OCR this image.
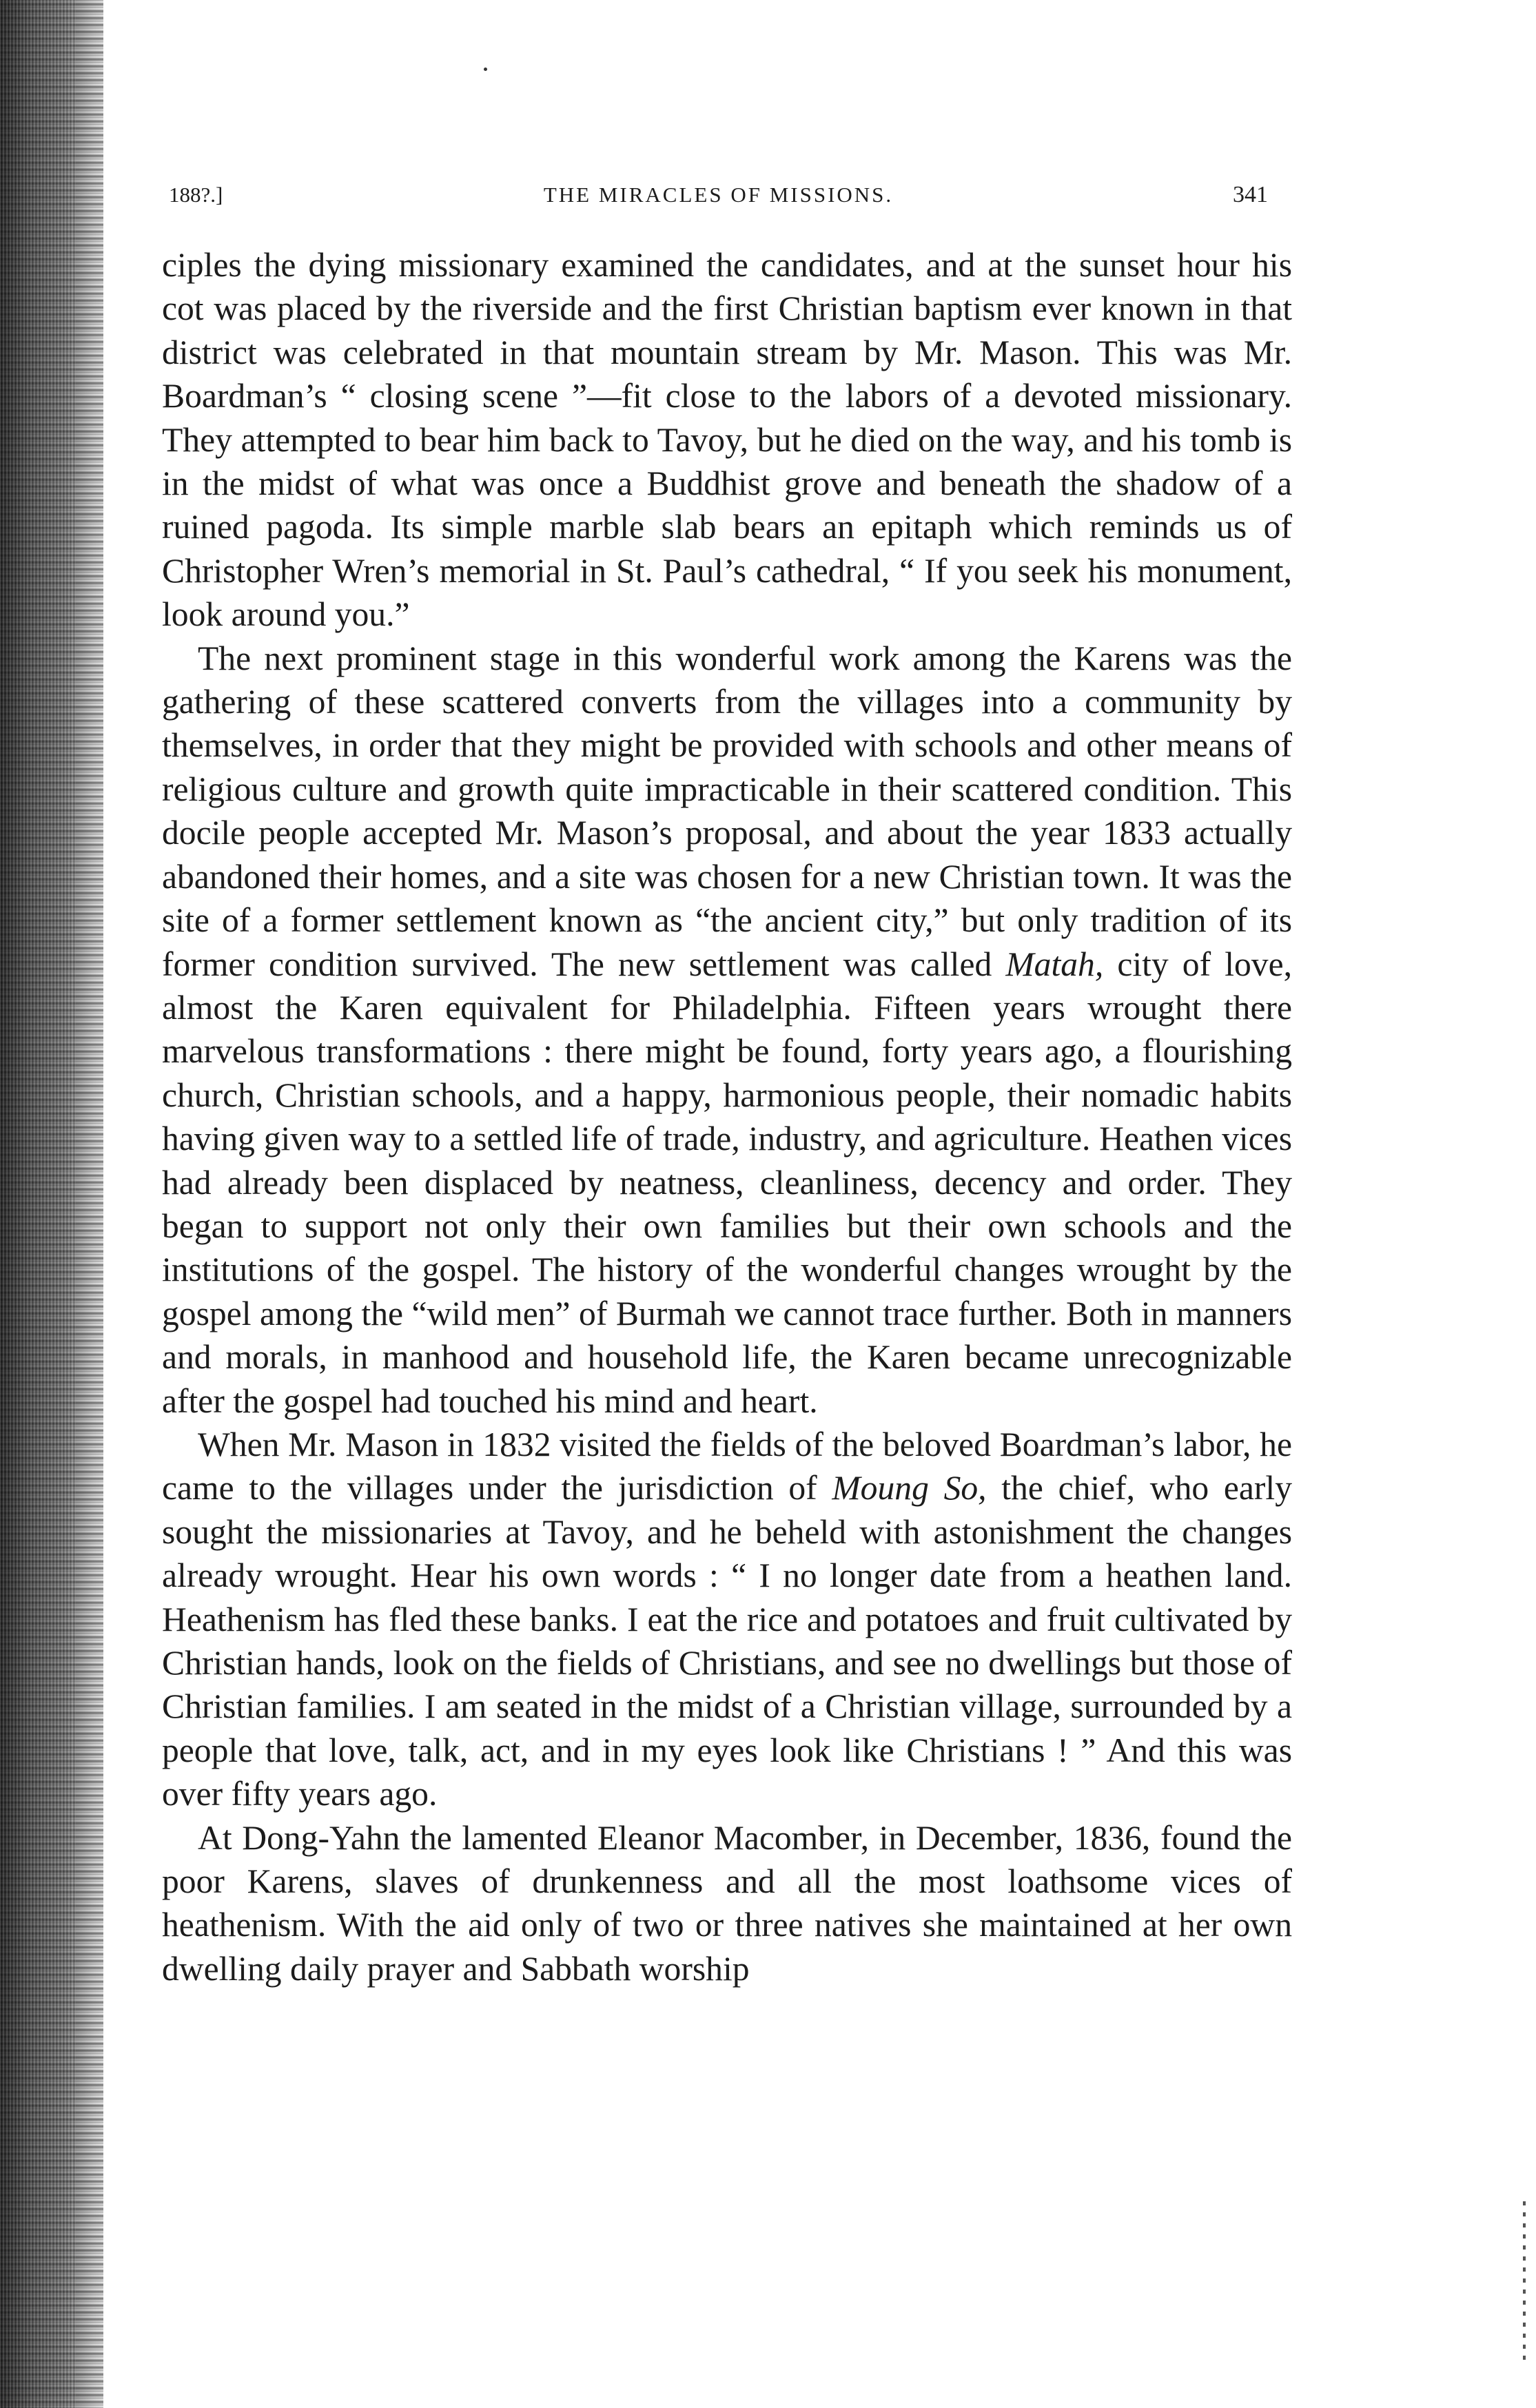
188?.]	THE MIRACLES OF MISSIONS.	341

ciples the dying missionary examined the candidates, and at the sunset hour his cot was placed by the riverside and the first Christian baptism ever known in that district was celebrated in that mountain stream by Mr. Mason. This was Mr. Boardman’s “ closing scene ”—fit close to the labors of a devoted missionary. They attempted to bear him back to Tavoy, but he died on the way, and his tomb is in the midst of what was once a Buddhist grove and beneath the shadow of a ruined pagoda. Its simple marble slab bears an epitaph which reminds us of Christopher Wren’s memorial in St. Paul’s cathedral, “ If you seek his monument, look around you.”

The next prominent stage in this wonderful work among the Karens was the gathering of these scattered converts from the villages into a community by themselves, in order that they might be provided with schools and other means of religious culture and growth quite impracticable in their scattered condition. This docile people accepted Mr. Mason’s proposal, and about the year 1833 actually abandoned their homes, and a site was chosen for a new Christian town. It was the site of a former settlement known as “the ancient city,” but only tradition of its former condition survived. The new settlement was called Matah, city of love, almost the Karen equivalent for Philadelphia. Fifteen years wrought there marvelous transformations : there might be found, forty years ago, a flourishing church, Christian schools, and a happy, harmonious people, their nomadic habits having given way to a settled life of trade, industry, and agriculture. Heathen vices had already been displaced by neatness, cleanliness, decency and order. They began to support not only their own families but their own schools and the institutions of the gospel. The history of the wonderful changes wrought by the gospel among the “wild men” of Burmah we cannot trace further. Both in manners and morals, in manhood and household life, the Karen became unrecognizable after the gospel had touched his mind and heart.

When Mr. Mason in 1832 visited the fields of the beloved Boardman’s labor, he came to the villages under the jurisdiction of Moung So, the chief, who early sought the missionaries at Tavoy, and he beheld with astonishment the changes already wrought. Hear his own words : “ I no longer date from a heathen land. Heathenism has fled these banks. I eat the rice and potatoes and fruit cultivated by Christian hands, look on the fields of Christians, and see no dwellings but those of Christian families. I am seated in the midst of a Christian village, surrounded by a people that love, talk, act, and in my eyes look like Christians ! ” And this was over fifty years ago.

At Dong-Yahn the lamented Eleanor Macomber, in December, 1836, found the poor Karens, slaves of drunkenness and all the most loathsome vices of heathenism. With the aid only of two or three natives she maintained at her own dwelling daily prayer and Sabbath worship
